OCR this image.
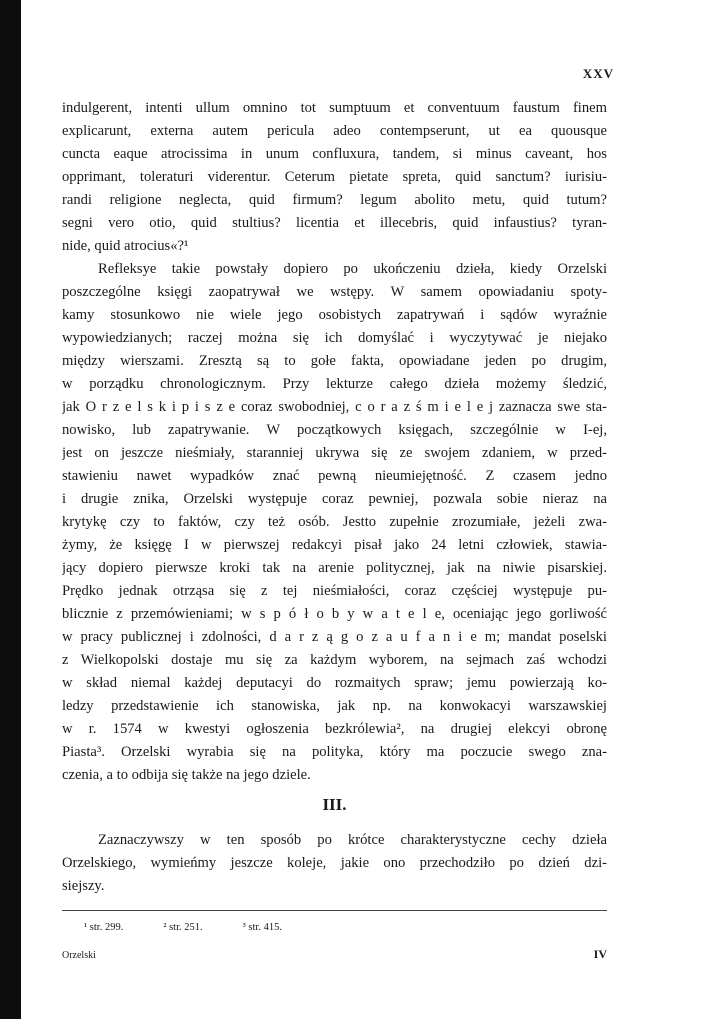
XXV
indulgerent, intenti ullum omnino tot sumptuum et conventuum faustum finem
explicarunt, externa autem pericula adeo contempserunt, ut ea quousque
cuncta eaque atrocissima in unum confluxura, tandem, si minus caveant, hos
opprimant, toleraturi viderentur. Ceterum pietate spreta, quid sanctum? iurisiu-
randi religione neglecta, quid firmum? legum abolito metu, quid tutum?
segni vero otio, quid stultius? licentia et illecebris, quid infaustius? tyran-
nide, quid atrocius«?¹
Refleksye takie powstały dopiero po ukończeniu dzieła, kiedy Orzelski
poszczególne księgi zaopatrywał we wstępy. W samem opowiadaniu spoty-
kamy stosunkowo nie wiele jego osobistych zapatrywań i sądów wyraźnie
wypowiedzianych; raczej można się ich domyślać i wyczytywać je niejako
między wierszami. Zresztą są to gołe fakta, opowiadane jeden po drugim,
w porządku chronologicznym. Przy lekturze całego dzieła możemy śledzić,
jak O r z e l s k i p i s z e coraz swobodniej, c o r a z ś m i e l e j zaznacza swe sta-
nowisko, lub zapatrywanie. W początkowych księgach, szczególnie w I-ej,
jest on jeszcze nieśmiały, staranniej ukrywa się ze swojem zdaniem, w przed-
stawieniu nawet wypadków znać pewną nieumiejętność. Z czasem jedno
i drugie znika, Orzelski występuje coraz pewniej, pozwala sobie nieraz na
krytykę czy to faktów, czy też osób. Jestto zupełnie zrozumiałe, jeżeli zwa-
żymy, że księgę I w pierwszej redakcyi pisał jako 24 letni człowiek, stawia-
jący dopiero pierwsze kroki tak na arenie politycznej, jak na niwie pisarskiej.
Prędko jednak otrząsa się z tej nieśmiałości, coraz częściej występuje pu-
blicznie z przemówieniami; w s p ó ł o b y w a t e l e, oceniając jego gorliwość
w pracy publicznej i zdolności, d a r z ą g o z a u f a n i e m; mandat poselski
z Wielkopolski dostaje mu się za każdym wyborem, na sejmach zaś wchodzi
w skład niemal każdej deputacyi do rozmaitych spraw; jemu powierzają ko-
ledzy przedstawienie ich stanowiska, jak np. na konwokacyi warszawskiej
w r. 1574 w kwestyi ogłoszenia bezkrólewia², na drugiej elekcyi obronę
Piasta³. Orzelski wyrabia się na polityka, który ma poczucie swego zna-
czenia, a to odbija się także na jego dziele.
III.
Zaznaczywszy w ten sposób po krótce charakterystyczne cechy dzieła
Orzelskiego, wymieńmy jeszcze koleje, jakie ono przechodziło po dzień dzi-
siejszy.
¹ str. 299.	² str. 251.	³ str. 415.
Orzelski	IV
